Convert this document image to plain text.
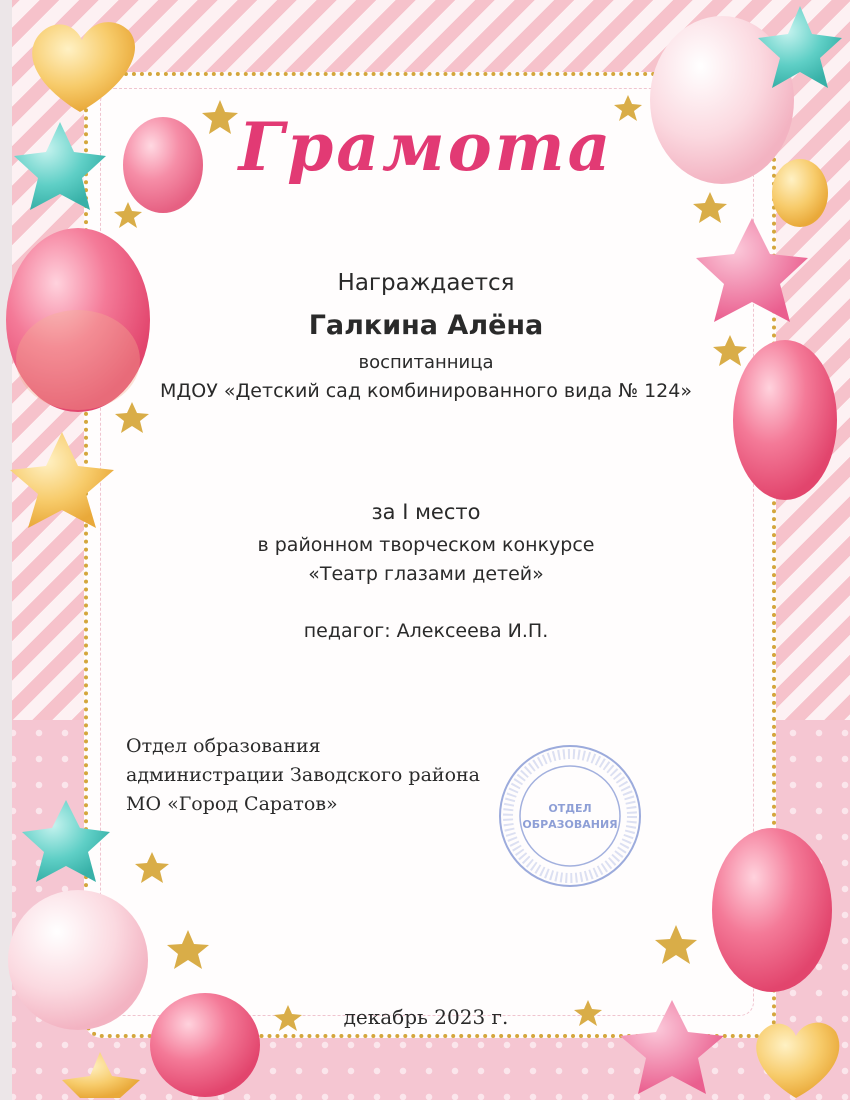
Грамота
Награждается
Галкина Алёна
воспитанница
МДОУ «Детский сад комбинированного вида № 124»
за I место
в районном творческом конкурсе
«Театр глазами детей»
педагог: Алексеева И.П.
Отдел образования
администрации Заводского района
МО «Город Саратов»	ОТДЕЛ
ОБРАЗОВАНИЯ
декабрь 2023 г.
